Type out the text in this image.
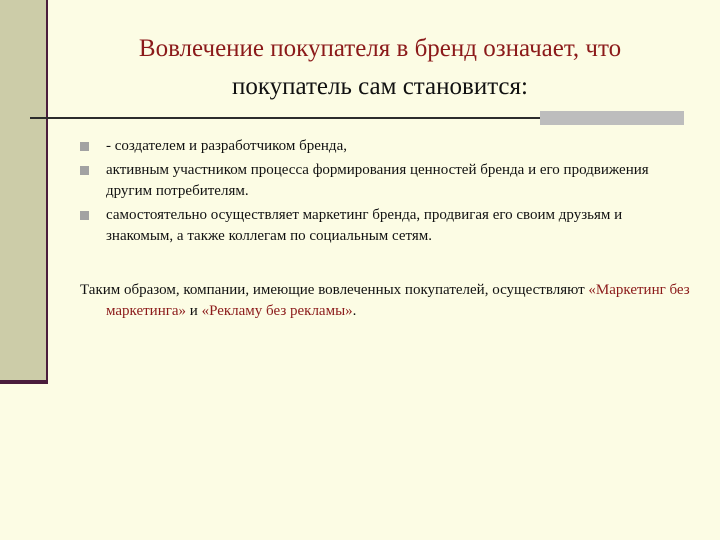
Вовлечение покупателя в бренд означает, что
покупатель сам становится:
- создателем и разработчиком бренда,
активным участником процесса формирования ценностей бренда и его продвижения другим потребителям.
самостоятельно осуществляет маркетинг бренда, продвигая его своим друзьям и знакомым, а также коллегам по социальным сетям.
Таким образом, компании, имеющие вовлеченных покупателей, осуществляют «Маркетинг без маркетинга» и «Рекламу без рекламы».
